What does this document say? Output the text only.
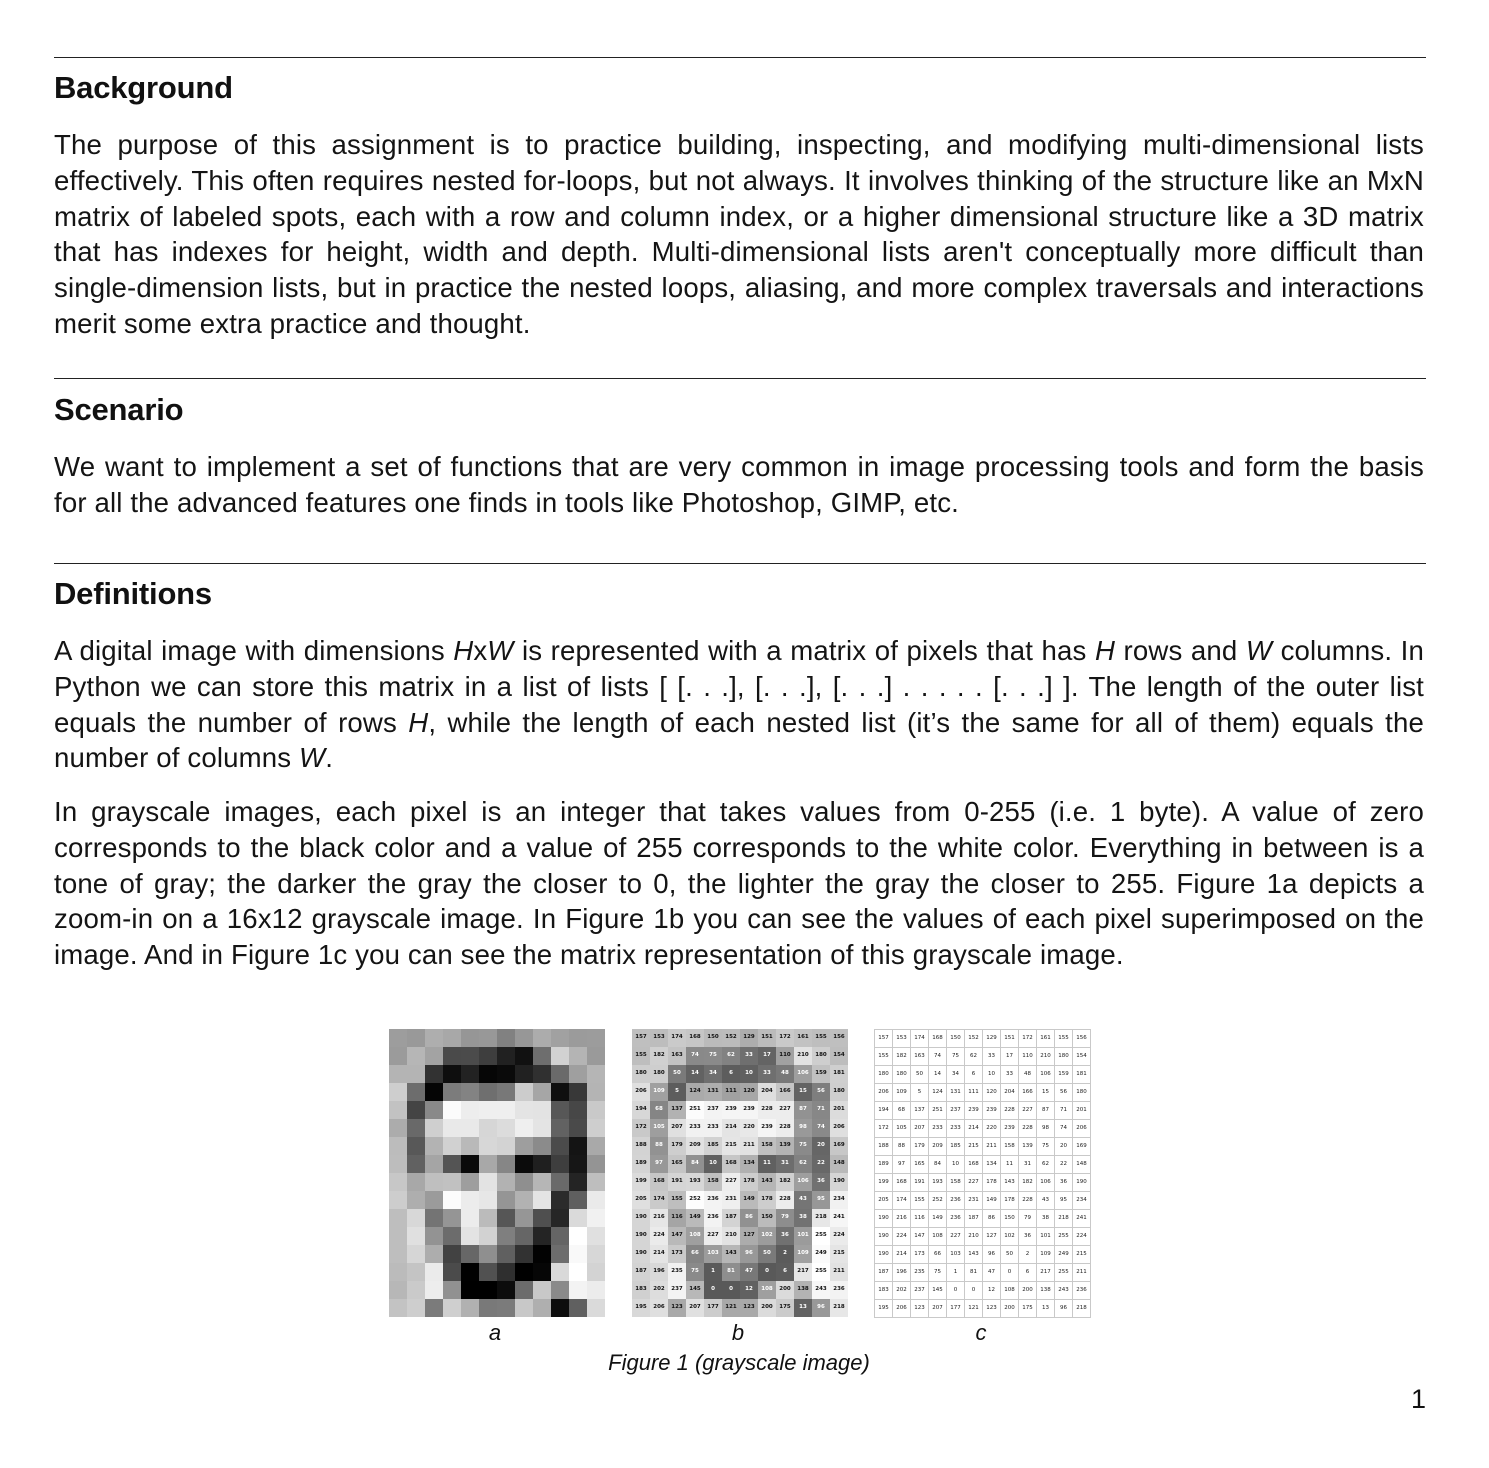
Background

The purpose of this assignment is to practice building, inspecting, and modifying multi-dimensional lists effectively. This often requires nested for-loops, but not always. It involves thinking of the structure like an MxN matrix of labeled spots, each with a row and column index, or a higher dimensional structure like a 3D matrix that has indexes for height, width and depth. Multi-dimensional lists aren't conceptually more difficult than single-dimension lists, but in practice the nested loops, aliasing, and more complex traversals and interactions merit some extra practice and thought.

Scenario

We want to implement a set of functions that are very common in image processing tools and form the basis for all the advanced features one finds in tools like Photoshop, GIMP, etc.

Definitions

A digital image with dimensions HxW is represented with a matrix of pixels that has H rows and W columns. In Python we can store this matrix in a list of lists [ [. . .], [. . .], [. . .] . . . . . [. . .] ]. The length of the outer list equals the number of rows H, while the length of each nested list (it’s the same for all of them) equals the number of columns W.

In grayscale images, each pixel is an integer that takes values from 0-255 (i.e. 1 byte). A value of zero corresponds to the black color and a value of 255 corresponds to the white color. Everything in between is a tone of gray; the darker the gray the closer to 0, the lighter the gray the closer to 255. Figure 1a depicts a zoom-in on a 16x12 grayscale image. In Figure 1b you can see the values of each pixel superimposed on the image. And in Figure 1c you can see the matrix representation of this grayscale image.

157	153	174	168	150	152	129	151	172	161	155	156
155	182	163	74	75	62	33	17	110	210	180	154
180	180	50	14	34	6	10	33	48	106	159	181
206	109	5	124	131	111	120	204	166	15	56	180
194	68	137	251	237	239	239	228	227	87	71	201
172	105	207	233	233	214	220	239	228	98	74	206
188	88	179	209	185	215	211	158	139	75	20	169
189	97	165	84	10	168	134	11	31	62	22	148
199	168	191	193	158	227	178	143	182	106	36	190
205	174	155	252	236	231	149	178	228	43	95	234
190	216	116	149	236	187	86	150	79	38	218	241
190	224	147	108	227	210	127	102	36	101	255	224
190	214	173	66	103	143	96	50	2	109	249	215
187	196	235	75	1	81	47	0	6	217	255	211
183	202	237	145	0	0	12	108	200	138	243	236
195	206	123	207	177	121	123	200	175	13	96	218
157	153	174	168	150	152	129	151	172	161	155	156
155	182	163	74	75	62	33	17	110	210	180	154
180	180	50	14	34	6	10	33	48	106	159	181
206	109	5	124	131	111	120	204	166	15	56	180
194	68	137	251	237	239	239	228	227	87	71	201
172	105	207	233	233	214	220	239	228	98	74	206
188	88	179	209	185	215	211	158	139	75	20	169
189	97	165	84	10	168	134	11	31	62	22	148
199	168	191	193	158	227	178	143	182	106	36	190
205	174	155	252	236	231	149	178	228	43	95	234
190	216	116	149	236	187	86	150	79	38	218	241
190	224	147	108	227	210	127	102	36	101	255	224
190	214	173	66	103	143	96	50	2	109	249	215
187	196	235	75	1	81	47	0	6	217	255	211
183	202	237	145	0	0	12	108	200	138	243	236
195	206	123	207	177	121	123	200	175	13	96	218
a	b	c
Figure 1 (grayscale image)
1
